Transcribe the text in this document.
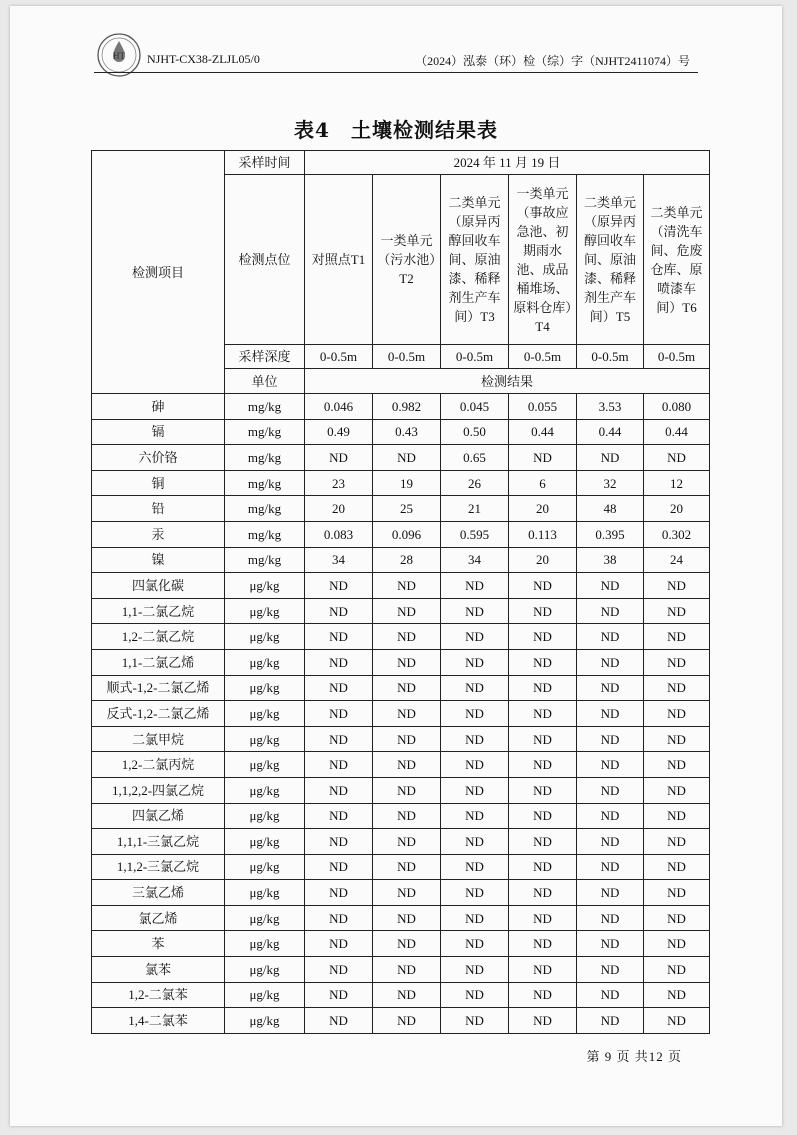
HT NJHT-CX38-ZLJL05/0	（2024）泓泰（环）检（综）字（NJHT2411074）号
表4　土壤检测结果表
检测项目	采样时间	2024 年 11 月 19 日					
	检测点位	对照点T1	一类单元（污水池）T2	二类单元（原异丙醇回收车间、原油漆、稀释剂生产车间）T3	一类单元（事故应急池、初期雨水池、成品桶堆场、原料仓库）T4	二类单元（原异丙醇回收车间、原油漆、稀释剂生产车间）T5	二类单元（清洗车间、危废仓库、原喷漆车间）T6
	采样深度	0-0.5m	0-0.5m	0-0.5m	0-0.5m	0-0.5m	0-0.5m
	单位	检测结果					
砷	mg/kg	0.046	0.982	0.045	0.055	3.53	0.080
镉	mg/kg	0.49	0.43	0.50	0.44	0.44	0.44
六价铬	mg/kg	ND	ND	0.65	ND	ND	ND
铜	mg/kg	23	19	26	6	32	12
铅	mg/kg	20	25	21	20	48	20
汞	mg/kg	0.083	0.096	0.595	0.113	0.395	0.302
镍	mg/kg	34	28	34	20	38	24
四氯化碳	μg/kg	ND	ND	ND	ND	ND	ND
1,1-二氯乙烷	μg/kg	ND	ND	ND	ND	ND	ND
1,2-二氯乙烷	μg/kg	ND	ND	ND	ND	ND	ND
1,1-二氯乙烯	μg/kg	ND	ND	ND	ND	ND	ND
顺式-1,2-二氯乙烯	μg/kg	ND	ND	ND	ND	ND	ND
反式-1,2-二氯乙烯	μg/kg	ND	ND	ND	ND	ND	ND
二氯甲烷	μg/kg	ND	ND	ND	ND	ND	ND
1,2-二氯丙烷	μg/kg	ND	ND	ND	ND	ND	ND
1,1,2,2-四氯乙烷	μg/kg	ND	ND	ND	ND	ND	ND
四氯乙烯	μg/kg	ND	ND	ND	ND	ND	ND
1,1,1-三氯乙烷	μg/kg	ND	ND	ND	ND	ND	ND
1,1,2-三氯乙烷	μg/kg	ND	ND	ND	ND	ND	ND
三氯乙烯	μg/kg	ND	ND	ND	ND	ND	ND
氯乙烯	μg/kg	ND	ND	ND	ND	ND	ND
苯	μg/kg	ND	ND	ND	ND	ND	ND
氯苯	μg/kg	ND	ND	ND	ND	ND	ND
1,2-二氯苯	μg/kg	ND	ND	ND	ND	ND	ND
1,4-二氯苯	μg/kg	ND	ND	ND	ND	ND	ND
第 9 页 共12 页
